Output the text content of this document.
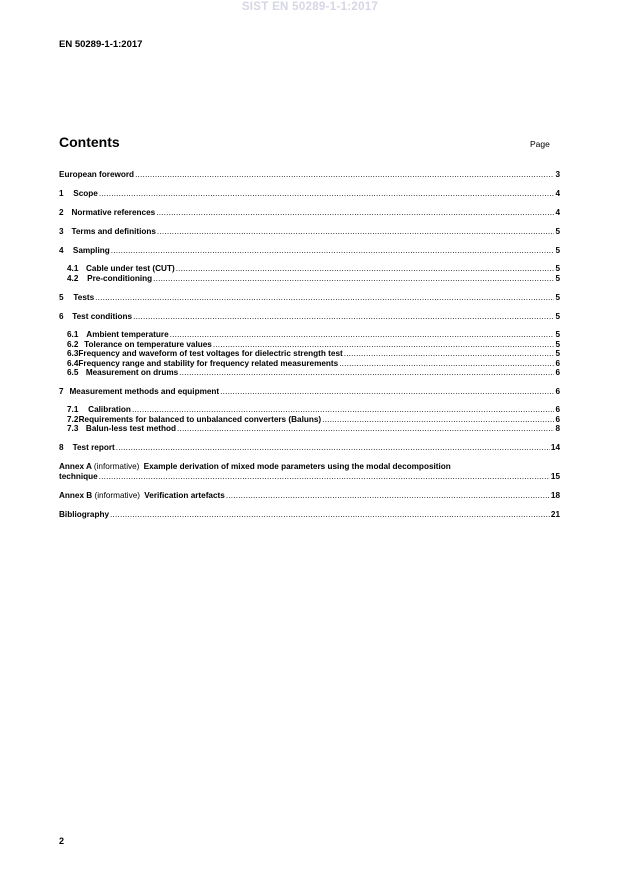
SIST EN 50289-1-1:2017
EN 50289-1-1:2017
Contents	Page
European foreword .....	3
1	Scope .....	4
2 Normative references .....	4
3 Terms and definitions .....	5
4	Sampling .....	5
4.1 Cable under test (CUT) .....	5
4.2	Pre-conditioning .....	5
5	Tests .....	5
6	Test conditions .....	5
6.1 Ambient temperature .....	5
6.2 Tolerance on temperature values .....	5
6.3 Frequency and waveform of test voltages for dielectric strength test .....	5
6.4 Frequency range and stability for frequency related measurements .....	6
6.5 Measurement on drums .....	6
7 Measurement methods and equipment .....	6
7.1	Calibration .....	6
7.2 Requirements for balanced to unbalanced converters (Baluns) .....	6
7.3 Balun-less test method .....	8
8	Test report .....	14
Annex A (informative) Example derivation of mixed mode parameters using the modal decomposition
technique .....	15
Annex B (informative) Verification artefacts .....	18
Bibliography .....	21
2
